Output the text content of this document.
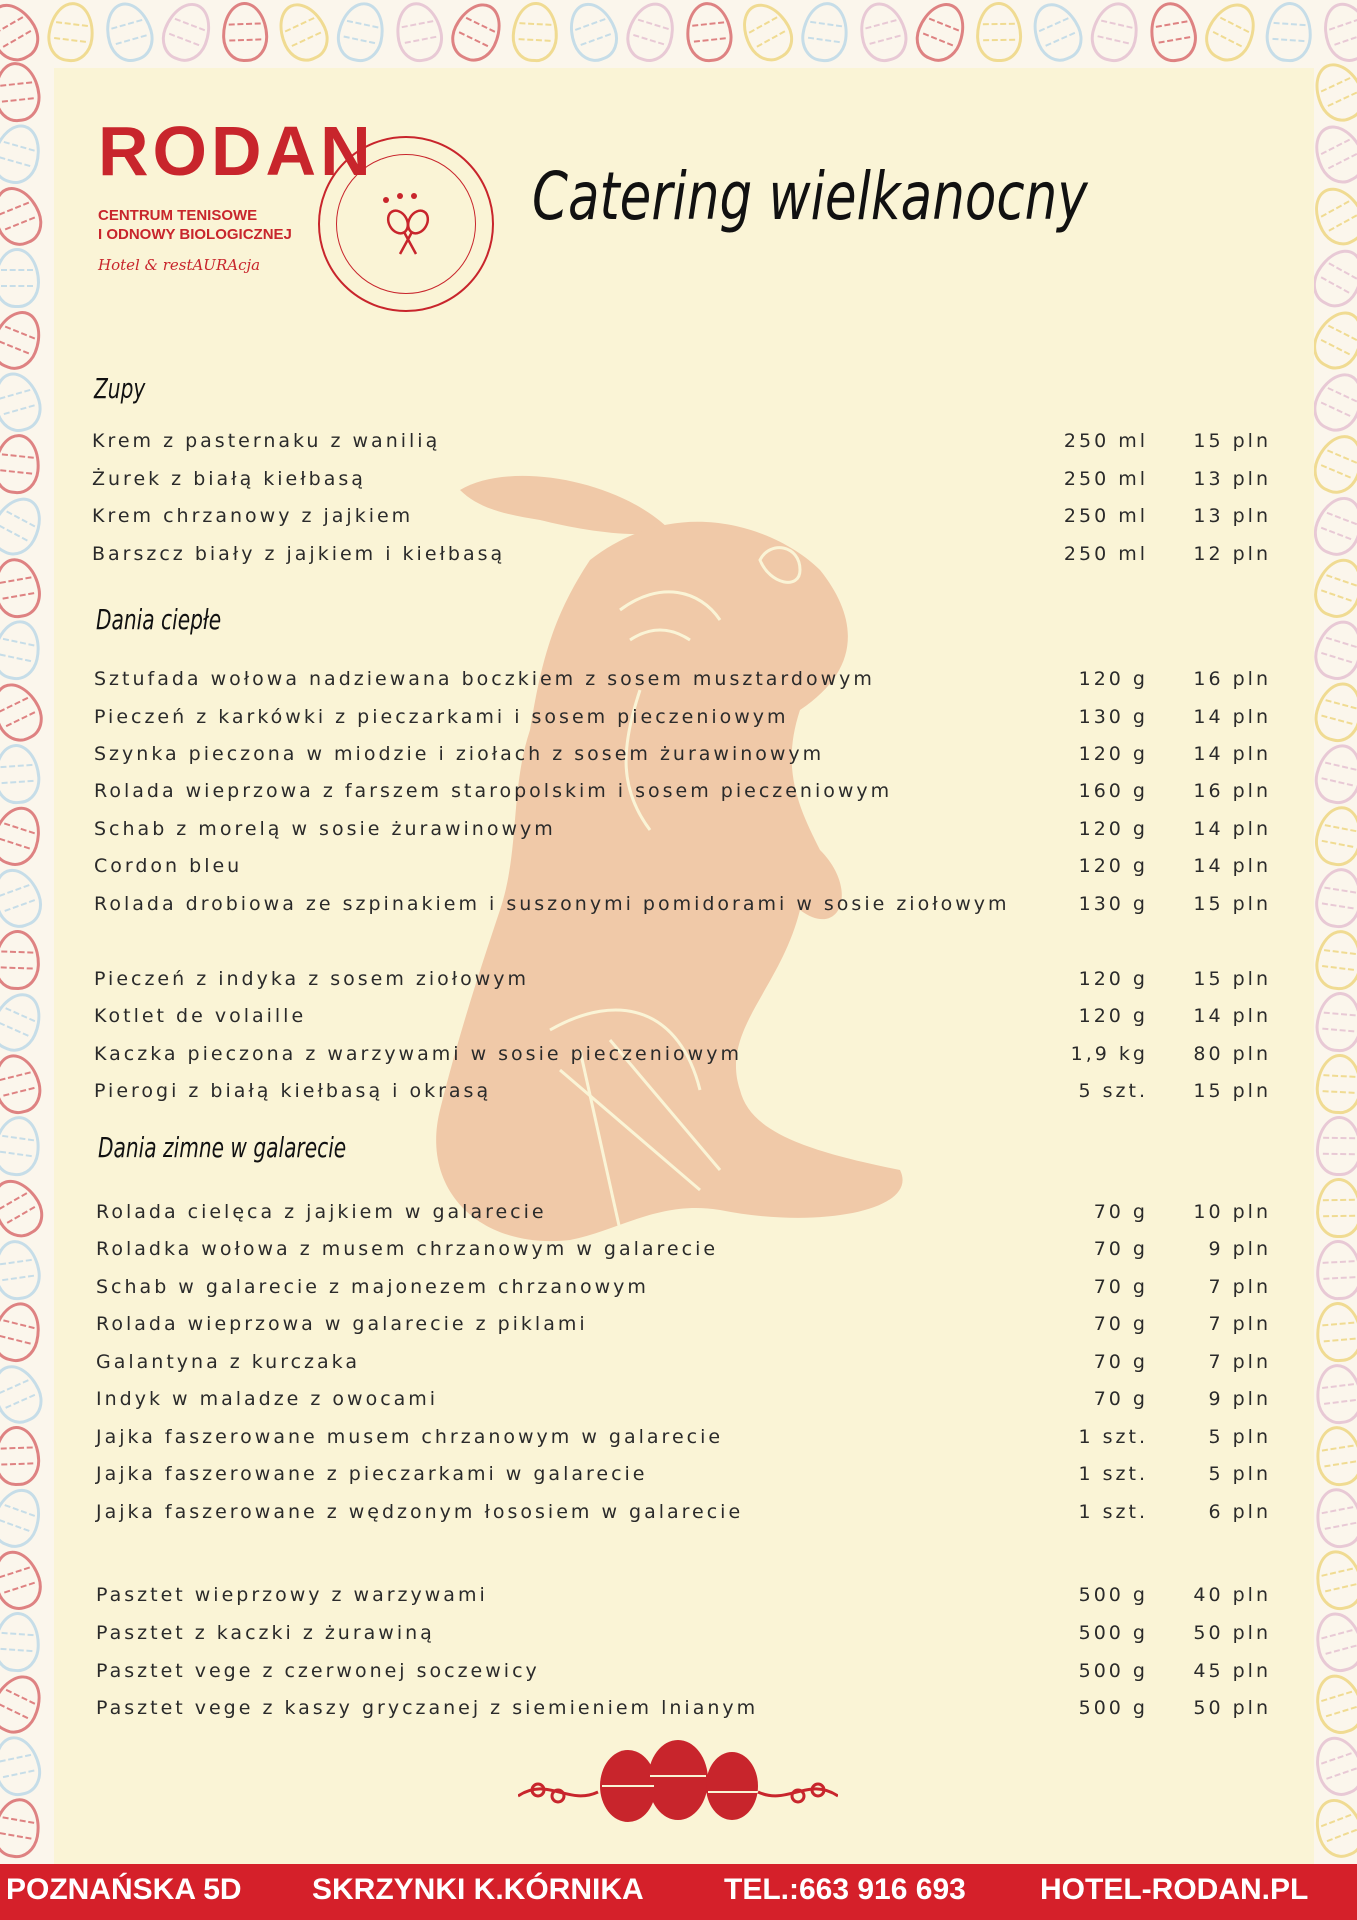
RODAN
CENTRUM TENISOWE
I ODNOWY BIOLOGICZNEJ
Hotel & restAURAcja
Catering wielkanocny
Zupy
Krem z pasternaku z wanilią	250 ml 15 pln
Żurek z białą kiełbasą	250 ml 13 pln
Krem chrzanowy z jajkiem	250 ml 13 pln
Barszcz biały z jajkiem i kiełbasą	250 ml 12 pln
Dania ciepłe
Sztufada wołowa nadziewana boczkiem z sosem musztardowym	120 g 16 pln
Pieczeń z karkówki z pieczarkami i sosem pieczeniowym	130 g 14 pln
Szynka pieczona w miodzie i ziołach z sosem żurawinowym	120 g 14 pln
Rolada wieprzowa z farszem staropolskim i sosem pieczeniowym	160 g 16 pln
Schab z morelą w sosie żurawinowym	120 g 14 pln
Cordon bleu	120 g 14 pln
Rolada drobiowa ze szpinakiem i suszonymi pomidorami w sosie ziołowym	130 g 15 pln
Pieczeń z indyka z sosem ziołowym	120 g 15 pln
Kotlet de volaille	120 g 14 pln
Kaczka pieczona z warzywami w sosie pieczeniowym	1,9 kg 80 pln
Pierogi z białą kiełbasą i okrasą	5 szt. 15 pln
Dania zimne w galarecie
Rolada cielęca z jajkiem w galarecie	70 g 10 pln
Roladka wołowa z musem chrzanowym w galarecie	70 g	9 pln
Schab w galarecie z majonezem chrzanowym	70 g	7 pln
Rolada wieprzowa w galarecie z piklami	70 g	7 pln
Galantyna z kurczaka	70 g	7 pln
Indyk w maladze z owocami	70 g	9 pln
Jajka faszerowane musem chrzanowym w galarecie	1 szt.	5 pln
Jajka faszerowane z pieczarkami w galarecie	1 szt.	5 pln
Jajka faszerowane z wędzonym łososiem w galarecie	1 szt.	6 pln
Pasztet wieprzowy z warzywami	500 g 40 pln
Pasztet z kaczki z żurawiną	500 g 50 pln
Pasztet vege z czerwonej soczewicy	500 g 45 pln
Pasztet vege z kaszy gryczanej z siemieniem lnianym	500 g 50 pln
POZNAŃSKA 5D SKRZYNKI K.KÓRNIKA	TEL.:663 916 693 HOTEL-RODAN.PL
